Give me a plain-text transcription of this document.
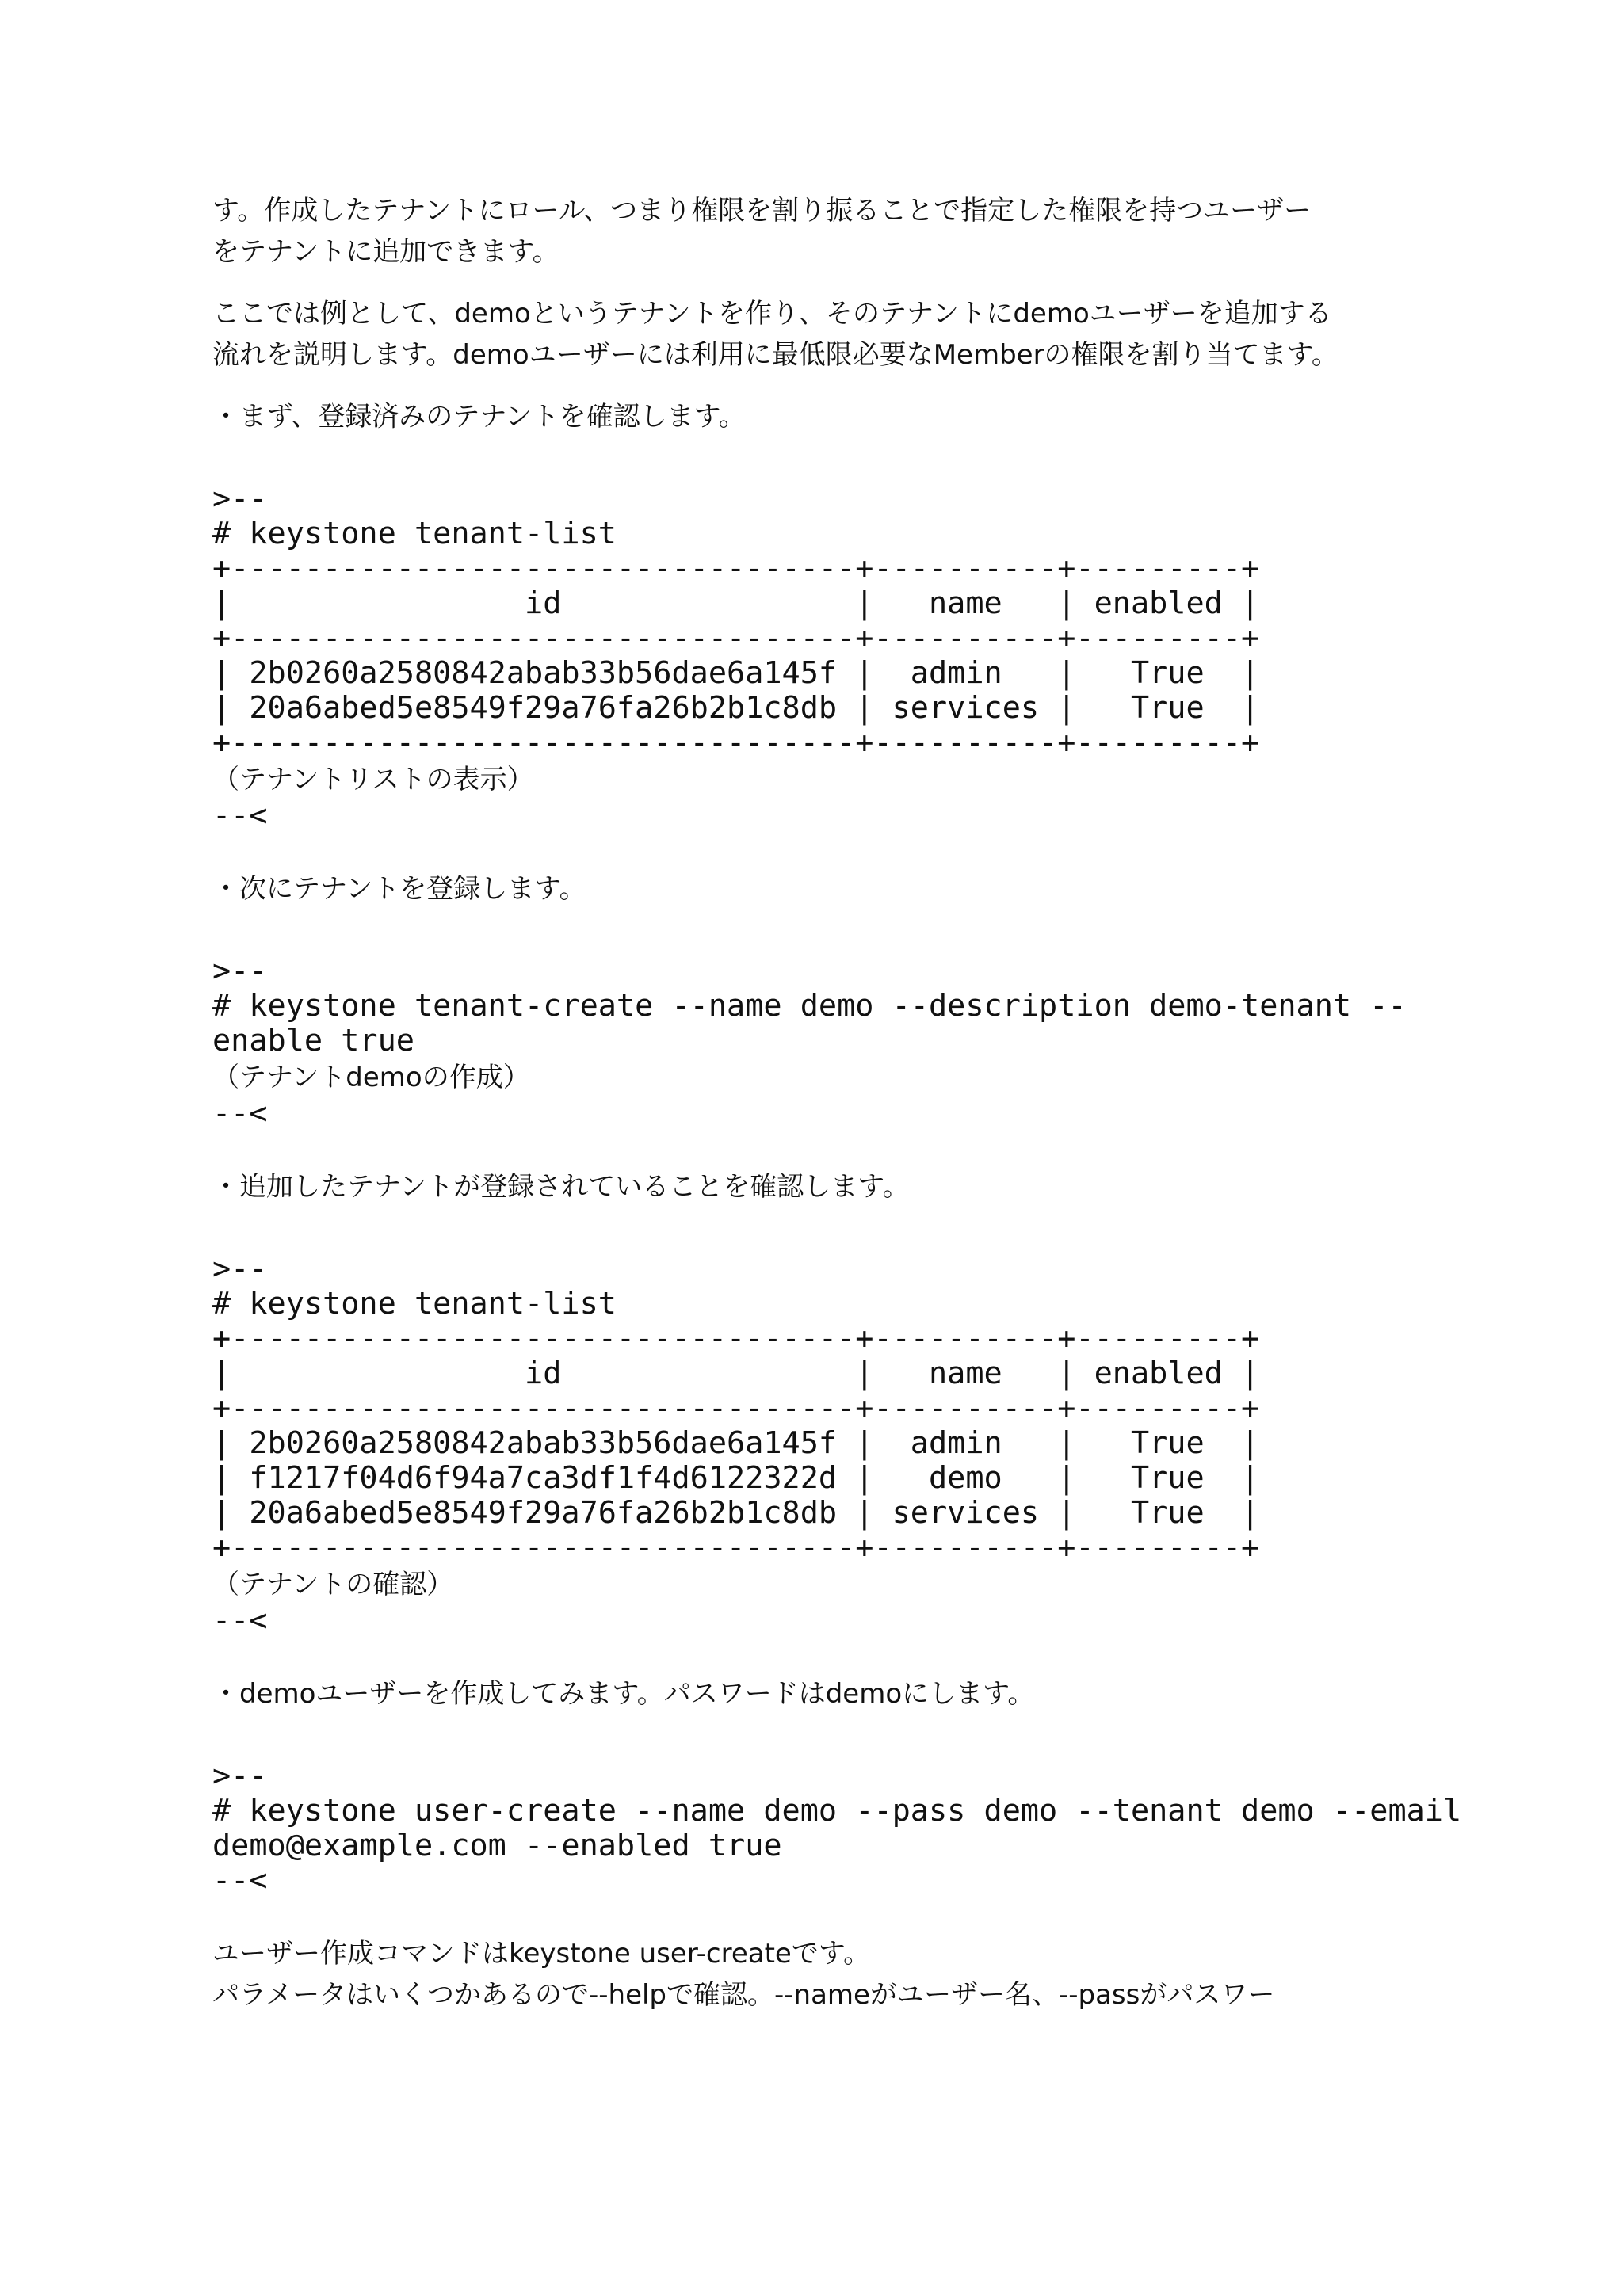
す。作成したテナントにロール、つまり権限を割り振ることで指定した権限を持つユーザー

をテナントに追加できます。

ここでは例として、demoというテナントを作り、そのテナントにdemoユーザーを追加する

流れを説明します。demoユーザーには利用に最低限必要なMemberの権限を割り当てます。

・まず、登録済みのテナントを確認します。

>--
# keystone tenant-list
+----------------------------------+----------+---------+
|                id                |   name   | enabled |
+----------------------------------+----------+---------+
| 2b0260a2580842abab33b56dae6a145f |  admin   |   True  |
| 20a6abed5e8549f29a76fa26b2b1c8db | services |   True  |
+----------------------------------+----------+---------+

（テナントリストの表示）

--<

・次にテナントを登録します。

>--
# keystone tenant-create --name demo --description demo-tenant --
enable true

（テナントdemoの作成）

--<

・追加したテナントが登録されていることを確認します。

>--
# keystone tenant-list
+----------------------------------+----------+---------+
|                id                |   name   | enabled |
+----------------------------------+----------+---------+
| 2b0260a2580842abab33b56dae6a145f |  admin   |   True  |
| f1217f04d6f94a7ca3df1f4d6122322d |   demo   |   True  |
| 20a6abed5e8549f29a76fa26b2b1c8db | services |   True  |
+----------------------------------+----------+---------+

（テナントの確認）

--<

・demoユーザーを作成してみます。パスワードはdemoにします。

>--
# keystone user-create --name demo --pass demo --tenant demo --email
demo@example.com --enabled true
--<

ユーザー作成コマンドはkeystone user-createです。

パラメータはいくつかあるので--helpで確認。--nameがユーザー名、--passがパスワー
